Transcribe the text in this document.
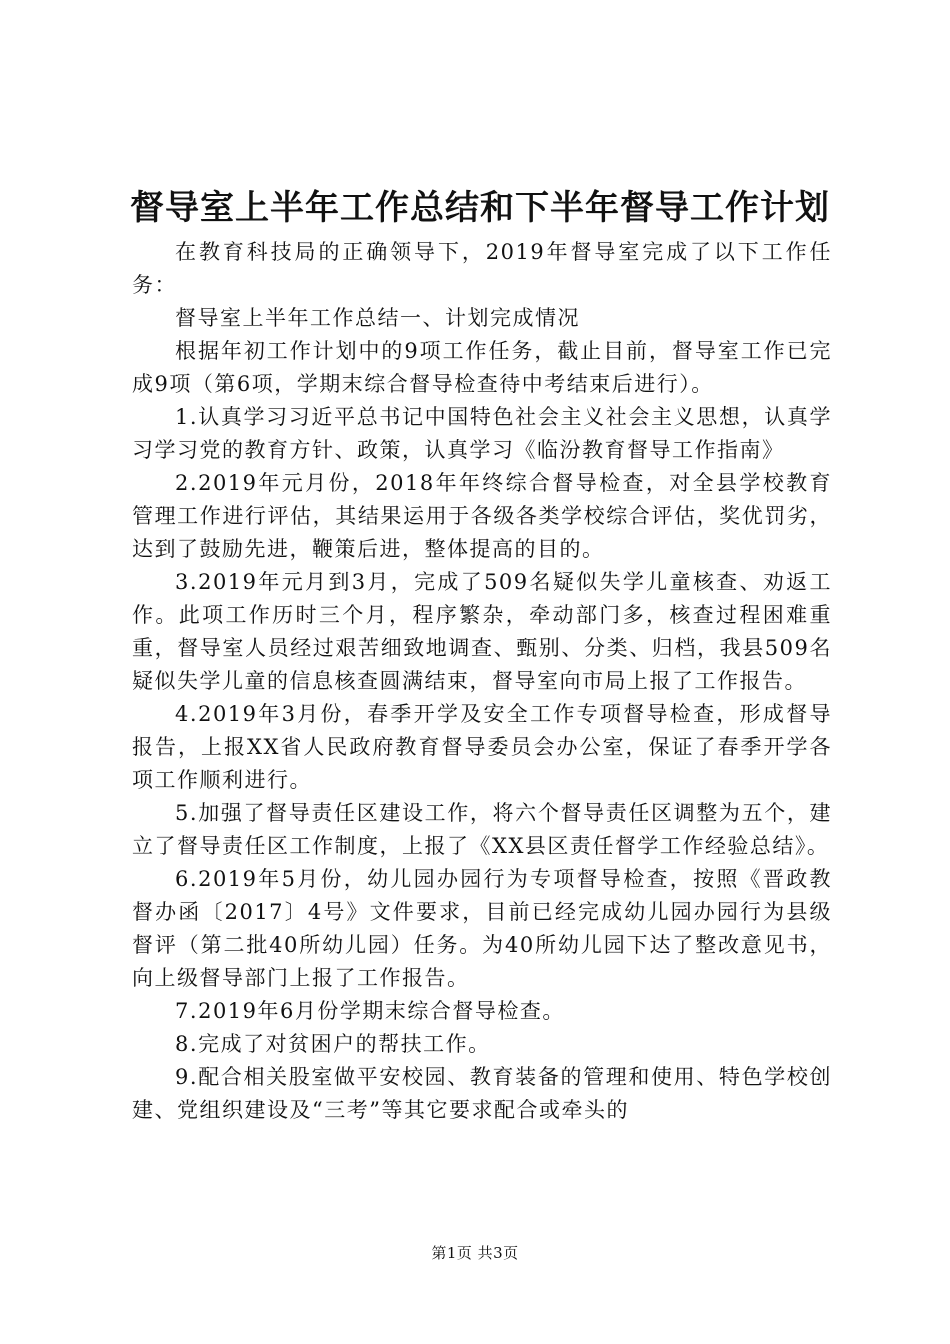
督导室上半年工作总结和下半年督导工作计划

在教育科技局的正确领导下，2019年督导室完成了以下工作任务：

督导室上半年工作总结一、计划完成情况

根据年初工作计划中的9项工作任务，截止目前，督导室工作已完成9项（第6项，学期末综合督导检查待中考结束后进行）。

1.认真学习习近平总书记中国特色社会主义社会主义思想，认真学习学习党的教育方针、政策，认真学习《临汾教育督导工作指南》

2.2019年元月份，2018年年终综合督导检查，对全县学校教育管理工作进行评估，其结果运用于各级各类学校综合评估，奖优罚劣，达到了鼓励先进，鞭策后进，整体提高的目的。

3.2019年元月到3月，完成了509名疑似失学儿童核查、劝返工作。此项工作历时三个月，程序繁杂，牵动部门多，核查过程困难重重，督导室人员经过艰苦细致地调查、甄别、分类、归档，我县509名疑似失学儿童的信息核查圆满结束，督导室向市局上报了工作报告。

4.2019年3月份，春季开学及安全工作专项督导检查，形成督导报告，上报XX省人民政府教育督导委员会办公室，保证了春季开学各项工作顺利进行。

5.加强了督导责任区建设工作，将六个督导责任区调整为五个，建立了督导责任区工作制度，上报了《XX县区责任督学工作经验总结》。

6.2019年5月份，幼儿园办园行为专项督导检查，按照《晋政教督办函〔2017〕4号》文件要求，目前已经完成幼儿园办园行为县级督评（第二批40所幼儿园）任务。为40所幼儿园下达了整改意见书，向上级督导部门上报了工作报告。

7.2019年6月份学期末综合督导检查。

8.完成了对贫困户的帮扶工作。

9.配合相关股室做平安校园、教育装备的管理和使用、特色学校创建、党组织建设及“三考”等其它要求配合或牵头的

第1页 共3页
